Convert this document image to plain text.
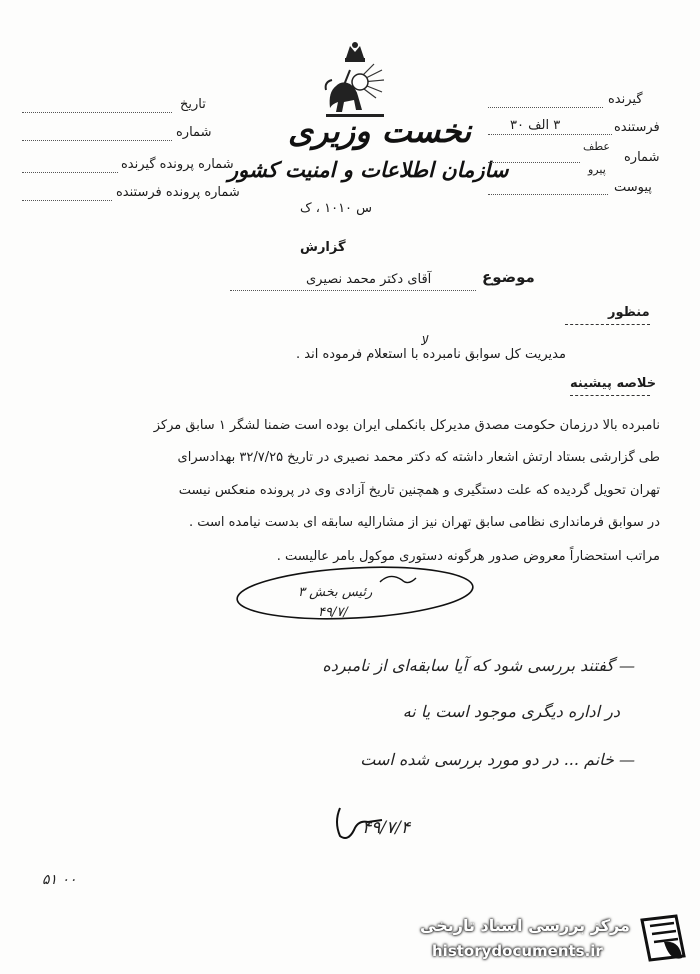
نخست وزیری
سازمان اطلاعات و امنیت کشور
س ۱۰۱۰ ، ک
تاریخ
شماره
شماره پرونده گیرنده
شماره پرونده فرستنده
گیرنده
فرستنده
۳ الف ۳۰
عطف
شماره
پیرو
پیوست
گزارش
موضوع
آقای دکتر محمد نصیری
منظور
لا
مدیریت کل سوابق نامبرده با استعلام فرموده اند .
خلاصه پیشینه
نامبرده بالا درزمان حکومت مصدق مدیرکل بانکملی ایران بوده است ضمنا لشگر ۱ سابق مرکز
طی گزارشی بستاد ارتش اشعار داشته که دکتر محمد نصیری در تاریخ ۳۲/۷/۲۵ بهدادسرای
تهران تحویل گردیده که علت دستگیری و همچنین تاریخ آزادی وی در پرونده منعکس نیست
در سوابق فرمانداری نظامی سابق تهران نیز از مشارالیه سابقه ای بدست نیامده است .
مراتب استحضاراً معروض صدور هرگونه دستوری موکول بامر عالیست .
رئیس بخش ۳
۴۹/۷/
— گفتند بررسی شود که آیا سابقه‌ای از نامبرده
در اداره دیگری موجود است یا نه
— خانم ... در دو مورد بررسی شده است
۴۹/۷/۴
۵۱ ۰۰
مرکز بررسی اسناد تاریخی
historydocuments.ir
